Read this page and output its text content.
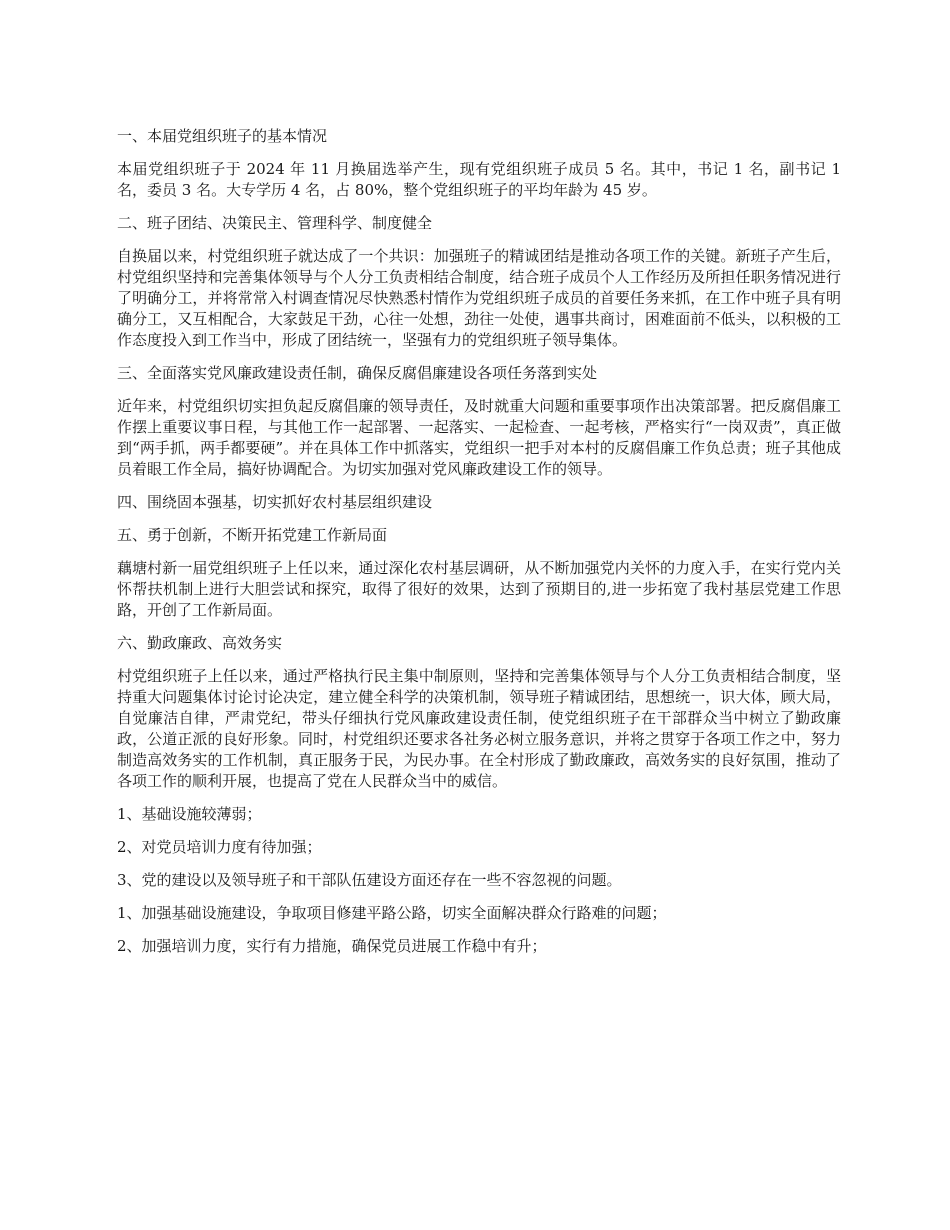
一、本届党组织班子的基本情况

本届党组织班子于 2024 年 11 月换届选举产生，现有党组织班子成员 5 名。其中，书记 1 名，副书记 1 名，委员 3 名。大专学历 4 名，占 80%，整个党组织班子的平均年龄为 45 岁。

二、班子团结、决策民主、管理科学、制度健全

自换届以来，村党组织班子就达成了一个共识：加强班子的精诚团结是推动各项工作的关键。新班子产生后，村党组织坚持和完善集体领导与个人分工负责相结合制度，结合班子成员个人工作经历及所担任职务情况进行了明确分工，并将常常入村调查情况尽快熟悉村情作为党组织班子成员的首要任务来抓，在工作中班子具有明确分工，又互相配合，大家鼓足干劲，心往一处想，劲往一处使，遇事共商讨，困难面前不低头，以积极的工作态度投入到工作当中，形成了团结统一，坚强有力的党组织班子领导集体。

三、全面落实党风廉政建设责任制，确保反腐倡廉建设各项任务落到实处

近年来，村党组织切实担负起反腐倡廉的领导责任，及时就重大问题和重要事项作出决策部署。把反腐倡廉工作摆上重要议事日程，与其他工作一起部署、一起落实、一起检查、一起考核，严格实行“一岗双责”，真正做到“两手抓，两手都要硬”。并在具体工作中抓落实，党组织一把手对本村的反腐倡廉工作负总责；班子其他成员着眼工作全局，搞好协调配合。为切实加强对党风廉政建设工作的领导。

四、围绕固本强基，切实抓好农村基层组织建设

五、勇于创新，不断开拓党建工作新局面

藕塘村新一届党组织班子上任以来，通过深化农村基层调研，从不断加强党内关怀的力度入手，在实行党内关怀帮扶机制上进行大胆尝试和探究，取得了很好的效果，达到了预期目的,进一步拓宽了我村基层党建工作思路，开创了工作新局面。

六、勤政廉政、高效务实

村党组织班子上任以来，通过严格执行民主集中制原则，坚持和完善集体领导与个人分工负责相结合制度，坚持重大问题集体讨论讨论决定，建立健全科学的决策机制，领导班子精诚团结，思想统一，识大体，顾大局，自觉廉洁自律，严肃党纪，带头仔细执行党风廉政建设责任制，使党组织班子在干部群众当中树立了勤政廉政，公道正派的良好形象。同时，村党组织还要求各社务必树立服务意识，并将之贯穿于各项工作之中，努力制造高效务实的工作机制，真正服务于民，为民办事。在全村形成了勤政廉政，高效务实的良好氛围，推动了各项工作的顺利开展，也提高了党在人民群众当中的威信。

1、基础设施较薄弱；

2、对党员培训力度有待加强；

3、党的建设以及领导班子和干部队伍建设方面还存在一些不容忽视的问题。

1、加强基础设施建设，争取项目修建平路公路，切实全面解决群众行路难的问题；

2、加强培训力度，实行有力措施，确保党员进展工作稳中有升；
